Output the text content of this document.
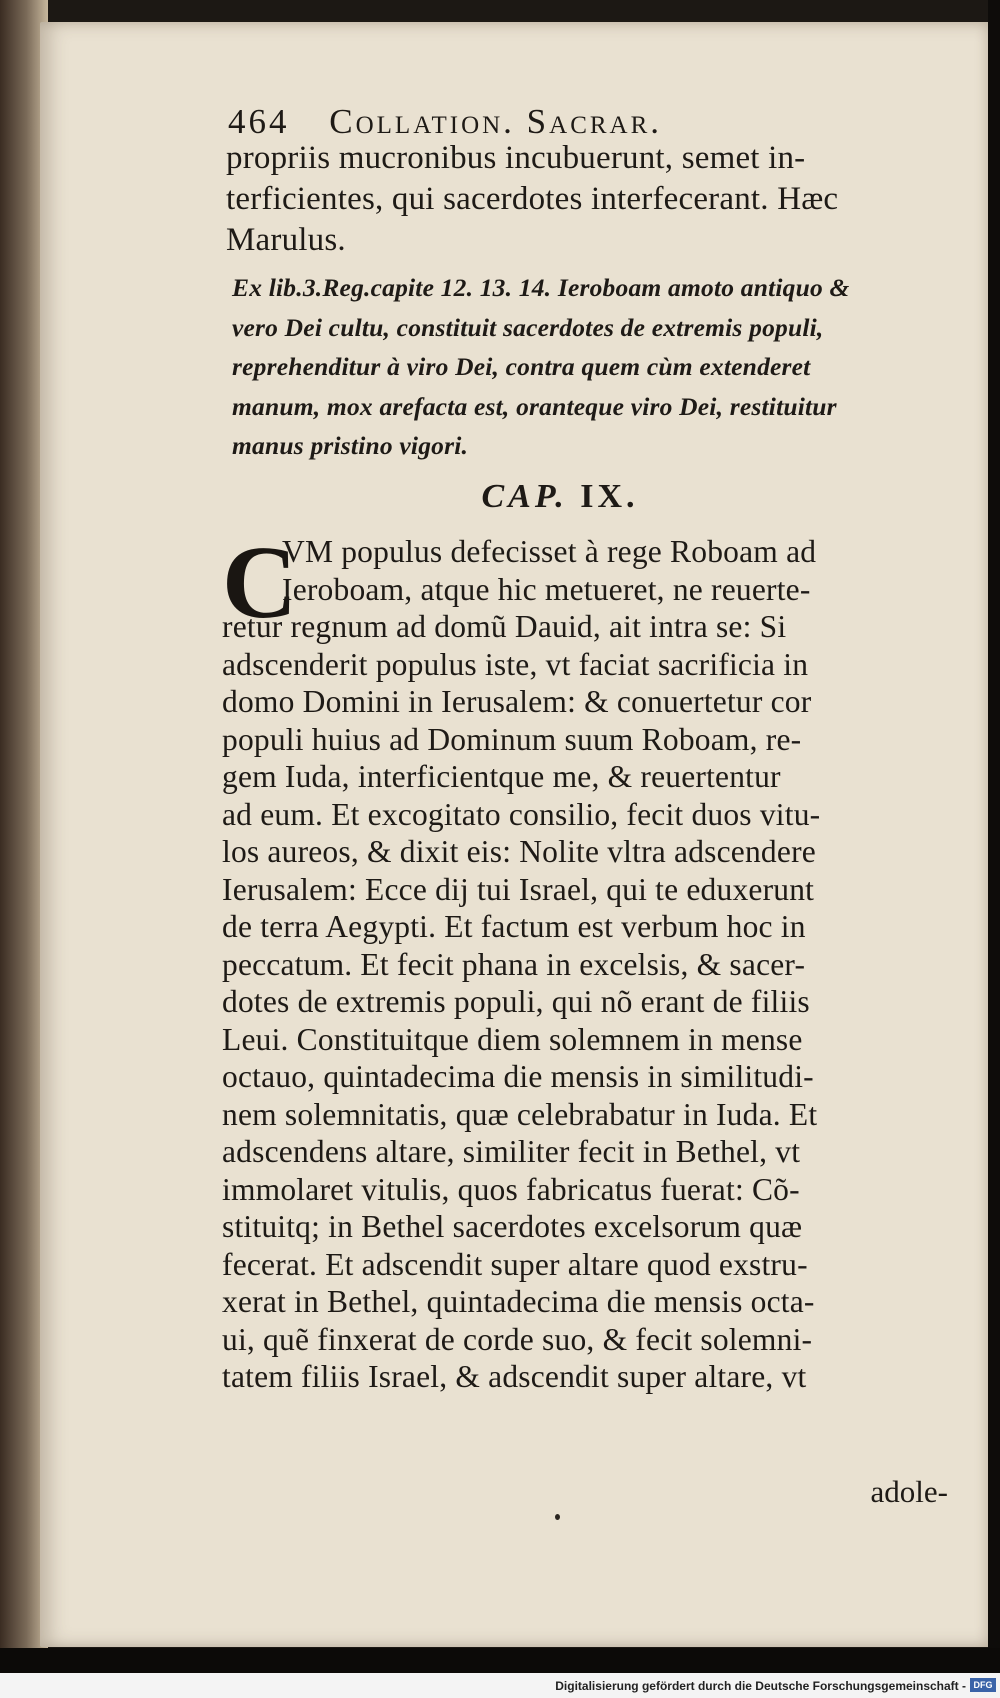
464 Collation. Sacrar.
propriis mucronibus incubuerunt, semet in-
terficientes, qui sacerdotes interfecerant. Hæc
Marulus.
Ex lib.3.Reg.capite 12. 13. 14. Ieroboam amoto antiquo &
vero Dei cultu, constituit sacerdotes de extremis populi,
reprehenditur à viro Dei, contra quem cùm extenderet
manum, mox arefacta est, oranteque viro Dei, restituitur
manus pristino vigori.
CAP. IX.
C
VM populus defecisset à rege Roboam ad
Ieroboam, atque hic metueret, ne reuerte-
retur regnum ad domũ Dauid, ait intra se: Si
adscenderit populus iste, vt faciat sacrificia in
domo Domini in Ierusalem: & conuertetur cor
populi huius ad Dominum suum Roboam, re-
gem Iuda, interficientque me, & reuertentur
ad eum. Et excogitato consilio, fecit duos vitu-
los aureos, & dixit eis: Nolite vltra adscendere
Ierusalem: Ecce dij tui Israel, qui te eduxerunt
de terra Aegypti. Et factum est verbum hoc in
peccatum. Et fecit phana in excelsis, & sacer-
dotes de extremis populi, qui nõ erant de filiis
Leui. Constituitque diem solemnem in mense
octauo, quintadecima die mensis in similitudi-
nem solemnitatis, quæ celebrabatur in Iuda. Et
adscendens altare, similiter fecit in Bethel, vt
immolaret vitulis, quos fabricatus fuerat: Cõ-
stituitq; in Bethel sacerdotes excelsorum quæ
fecerat. Et adscendit super altare quod exstru-
xerat in Bethel, quintadecima die mensis octa-
ui, quẽ finxerat de corde suo, & fecit solemni-
tatem filiis Israel, & adscendit super altare, vt
adole-
Digitalisierung gefördert durch die Deutsche Forschungsgemeinschaft - DFG
